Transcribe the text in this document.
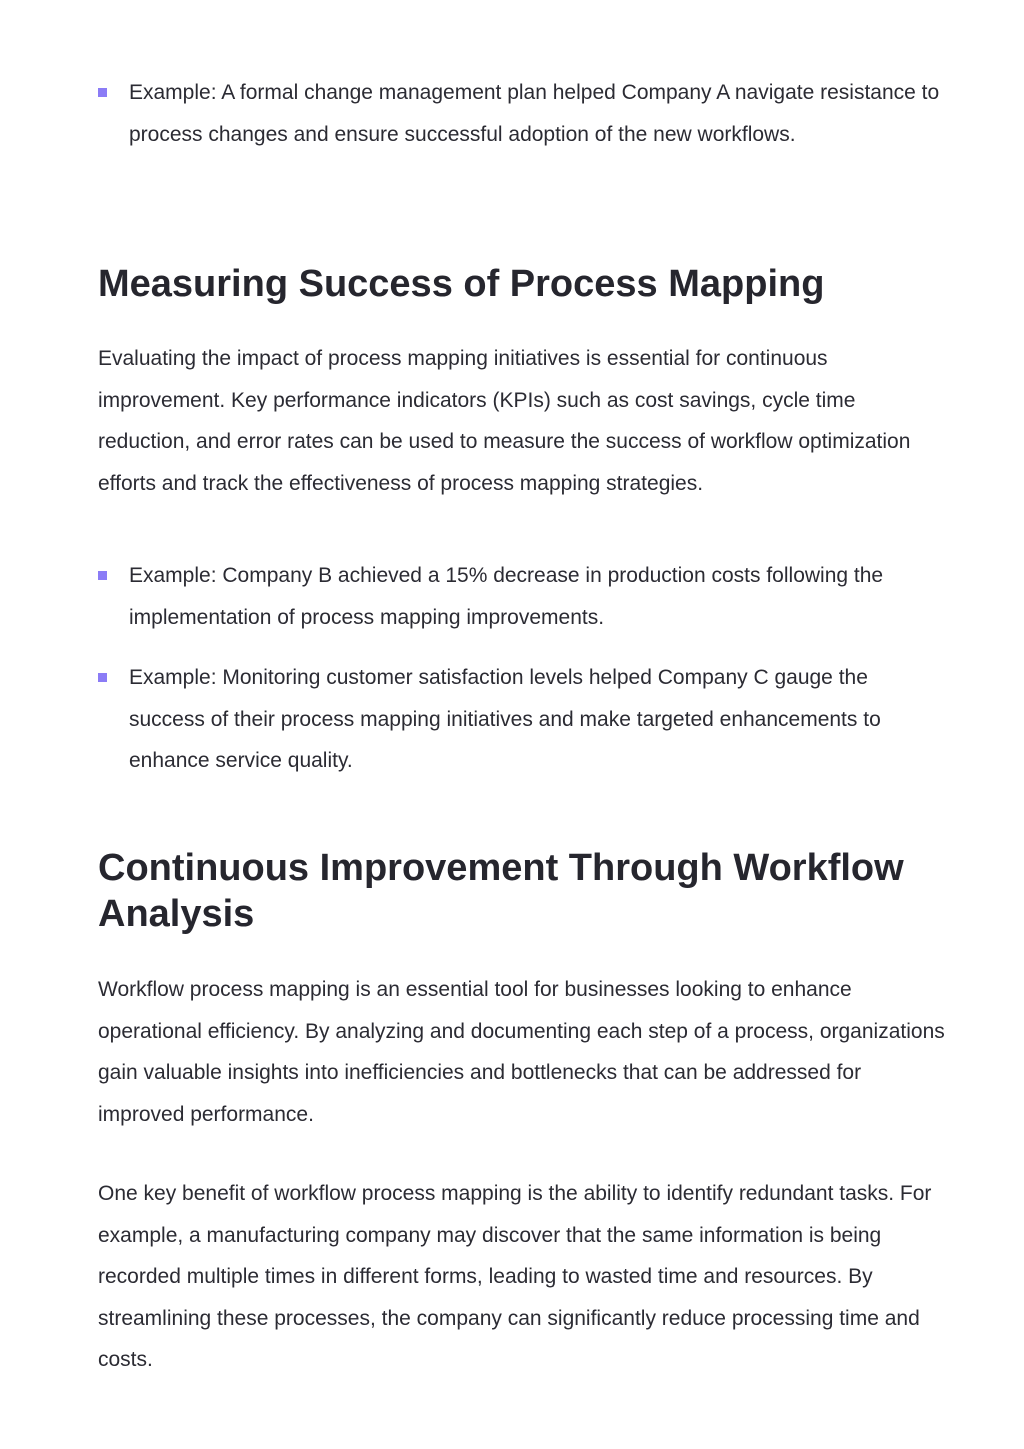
Example: A formal change management plan helped Company A navigate resistance to process changes and ensure successful adoption of the new workflows.
Measuring Success of Process Mapping

Evaluating the impact of process mapping initiatives is essential for continuous improvement. Key performance indicators (KPIs) such as cost savings, cycle time reduction, and error rates can be used to measure the success of workflow optimization efforts and track the effectiveness of process mapping strategies.

Example: Company B achieved a 15% decrease in production costs following the implementation of process mapping improvements.
Example: Monitoring customer satisfaction levels helped Company C gauge the success of their process mapping initiatives and make targeted enhancements to enhance service quality.
Continuous Improvement Through Workflow Analysis

Workflow process mapping is an essential tool for businesses looking to enhance operational efficiency. By analyzing and documenting each step of a process, organizations gain valuable insights into inefficiencies and bottlenecks that can be addressed for improved performance.

One key benefit of workflow process mapping is the ability to identify redundant tasks. For example, a manufacturing company may discover that the same information is being recorded multiple times in different forms, leading to wasted time and resources. By streamlining these processes, the company can significantly reduce processing time and costs.
